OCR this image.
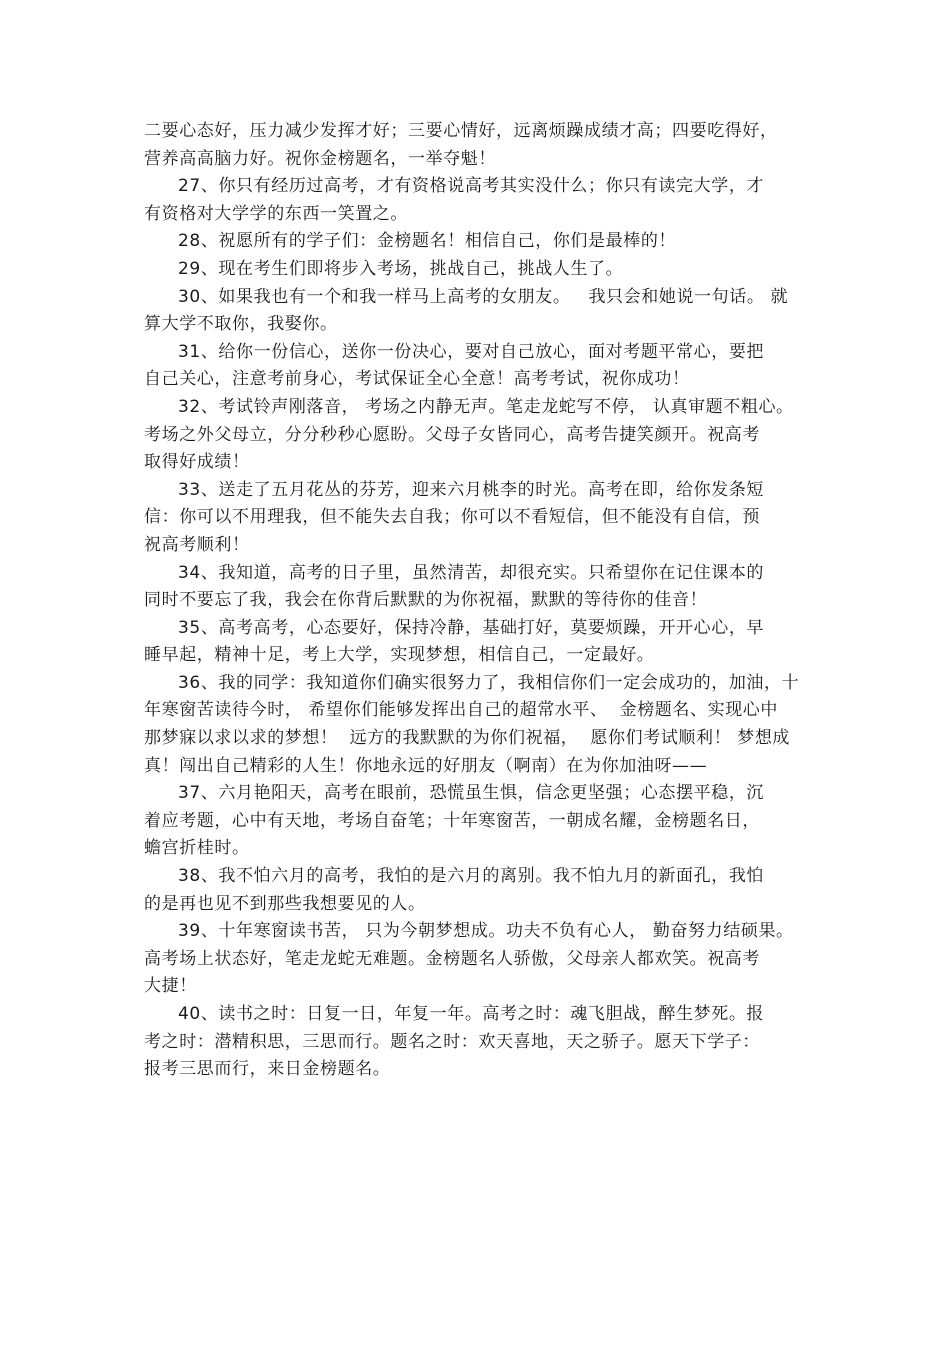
二要心态好，压力减少发挥才好；三要心情好，远离烦躁成绩才高；四要吃得好，
营养高高脑力好。祝你金榜题名，一举夺魁！
27、你只有经历过高考，才有资格说高考其实没什么；你只有读完大学，才
有资格对大学学的东西一笑置之。
28、祝愿所有的学子们：金榜题名！相信自己，你们是最棒的！
29、现在考生们即将步入考场，挑战自己，挑战人生了。
30、如果我也有一个和我一样马上高考的女朋友。   我只会和她说一句话。 就
算大学不取你，我娶你。
31、给你一份信心，送你一份决心，要对自己放心，面对考题平常心，要把
自己关心，注意考前身心，考试保证全心全意！高考考试，祝你成功！
32、考试铃声刚落音， 考场之内静无声。笔走龙蛇写不停， 认真审题不粗心。
考场之外父母立，分分秒秒心愿盼。父母子女皆同心，高考告捷笑颜开。祝高考
取得好成绩！
33、送走了五月花丛的芬芳，迎来六月桃李的时光。高考在即，给你发条短
信：你可以不用理我，但不能失去自我；你可以不看短信，但不能没有自信，预
祝高考顺利！
34、我知道，高考的日子里，虽然清苦，却很充实。只希望你在记住课本的
同时不要忘了我，我会在你背后默默的为你祝福，默默的等待你的佳音！
35、高考高考，心态要好，保持冷静，基础打好，莫要烦躁，开开心心，早
睡早起，精神十足，考上大学，实现梦想，相信自己，一定最好。
36、我的同学：我知道你们确实很努力了，我相信你们一定会成功的，加油，十
年寒窗苦读待今时， 希望你们能够发挥出自己的超常水平、  金榜题名、实现心中
那梦寐以求以求的梦想！  远方的我默默的为你们祝福，  愿你们考试顺利！ 梦想成
真！闯出自己精彩的人生！你地永远的好朋友（啊南）在为你加油呀——
37、六月艳阳天，高考在眼前，恐慌虽生惧，信念更坚强；心态摆平稳，沉
着应考题，心中有天地，考场自奋笔；十年寒窗苦，一朝成名耀，金榜题名日，
蟾宫折桂时。
38、我不怕六月的高考，我怕的是六月的离别。我不怕九月的新面孔，我怕
的是再也见不到那些我想要见的人。
39、十年寒窗读书苦， 只为今朝梦想成。功夫不负有心人， 勤奋努力结硕果。
高考场上状态好，笔走龙蛇无难题。金榜题名人骄傲，父母亲人都欢笑。祝高考
大捷！
40、读书之时：日复一日，年复一年。高考之时：魂飞胆战，醉生梦死。报
考之时：潜精积思，三思而行。题名之时：欢天喜地，天之骄子。愿天下学子：
报考三思而行，来日金榜题名。
